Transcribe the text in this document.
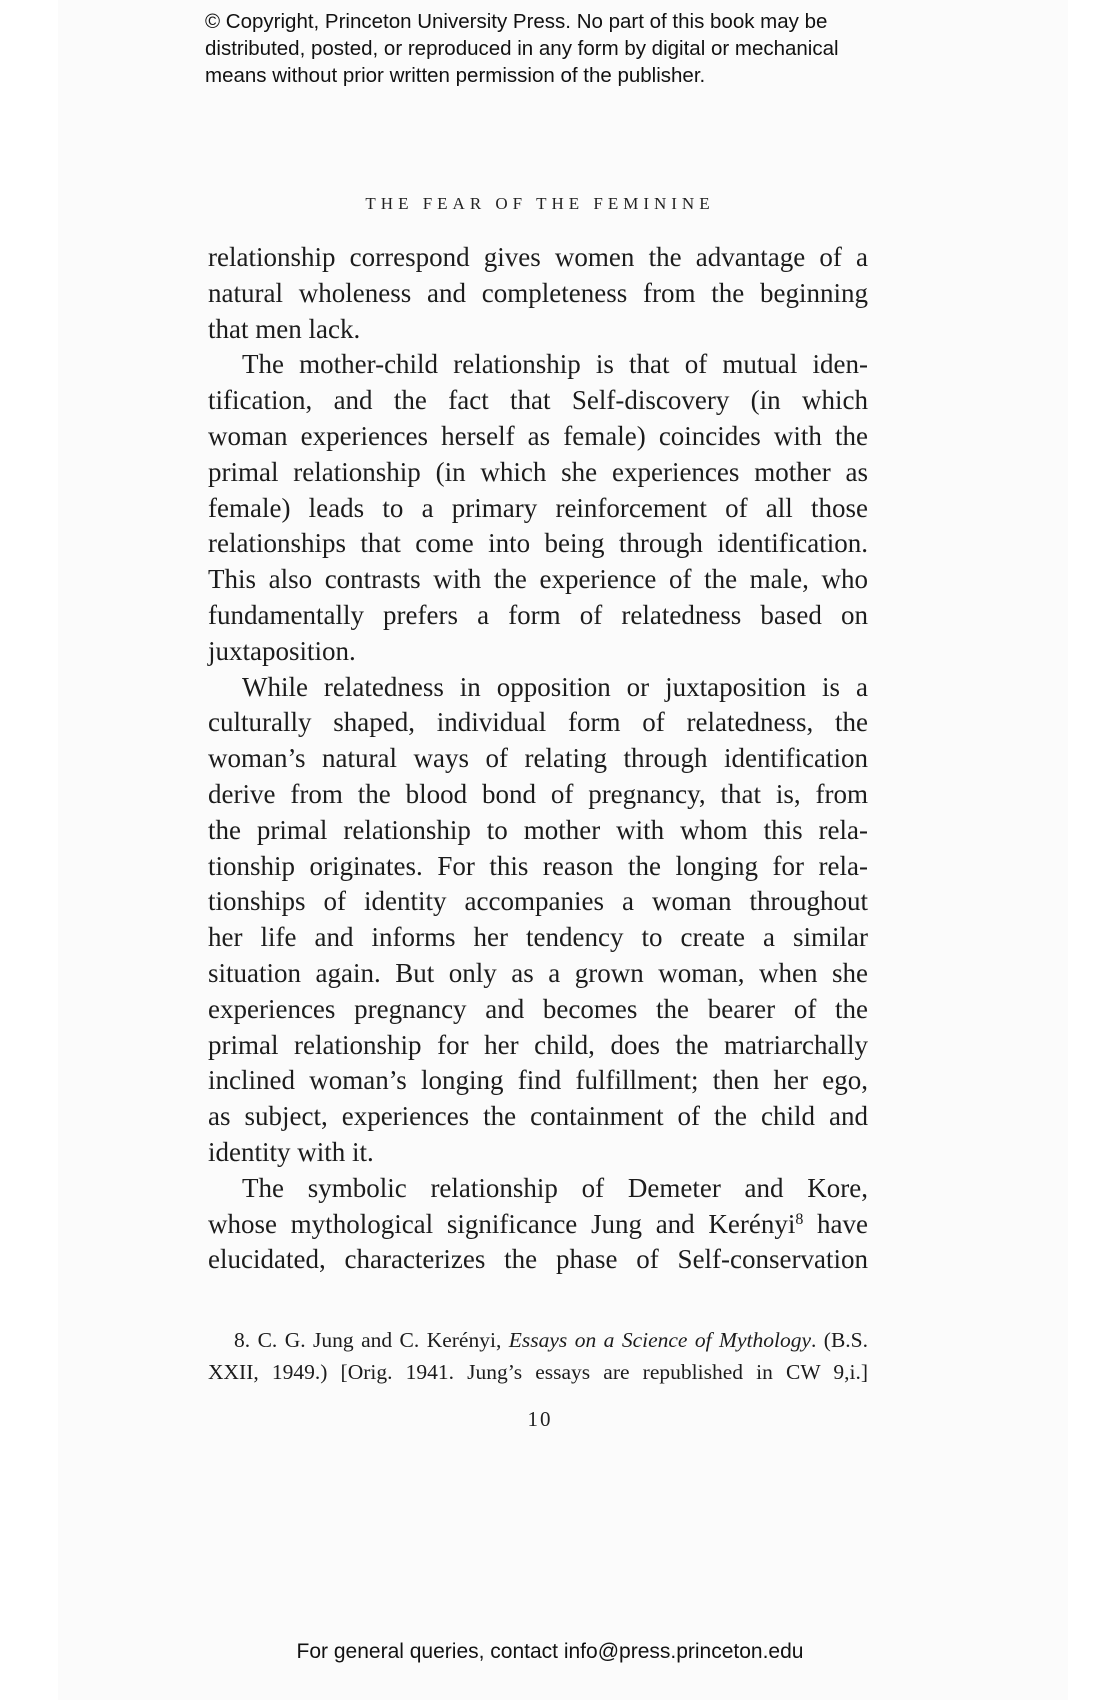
© Copyright, Princeton University Press. No part of this book may be
distributed, posted, or reproduced in any form by digital or mechanical
means without prior written permission of the publisher.
THE FEAR OF THE FEMININE
relationship correspond gives women the advantage of a
natural wholeness and completeness from the beginning
that men lack.
The mother-child relationship is that of mutual iden-
tification, and the fact that Self-discovery (in which
woman experiences herself as female) coincides with the
primal relationship (in which she experiences mother as
female) leads to a primary reinforcement of all those
relationships that come into being through identification.
This also contrasts with the experience of the male, who
fundamentally prefers a form of relatedness based on
juxtaposition.
While relatedness in opposition or juxtaposition is a
culturally shaped, individual form of relatedness, the
woman’s natural ways of relating through identification
derive from the blood bond of pregnancy, that is, from
the primal relationship to mother with whom this rela-
tionship originates. For this reason the longing for rela-
tionships of identity accompanies a woman throughout
her life and informs her tendency to create a similar
situation again. But only as a grown woman, when she
experiences pregnancy and becomes the bearer of the
primal relationship for her child, does the matriarchally
inclined woman’s longing find fulfillment; then her ego,
as subject, experiences the containment of the child and
identity with it.
The symbolic relationship of Demeter and Kore,
whose mythological significance Jung and Kerényi$^8$ have
elucidated, characterizes the phase of Self-conservation
8. C. G. Jung and C. Kerényi, Essays on a Science of Mythology. (B.S.
XXII, 1949.) [Orig. 1941. Jung’s essays are republished in CW 9,i.]
10
For general queries, contact info@press.princeton.edu
